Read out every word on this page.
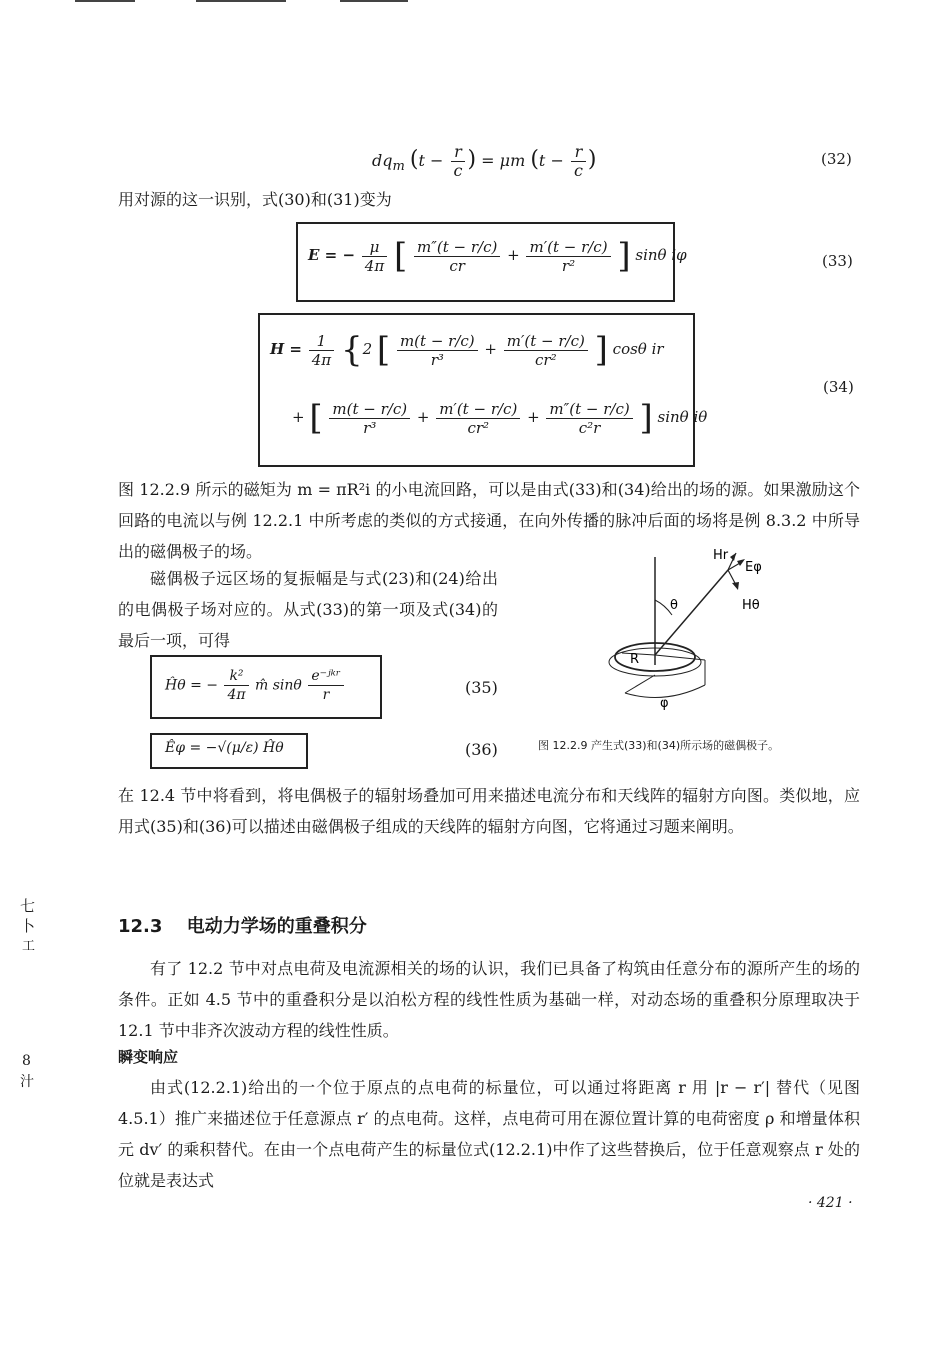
$dq_m$ ($t - \frac{r}{c}$ ) = μm ($t - \frac{r}{c}$ )	(32)
用对源的这一识别，式(30)和(31)变为
E = − $\frac{\mu}{4\pi}$ [ $\frac{m''(t - r/c)}{cr} + \frac{m'(t - r/c)}{\text{r²}}$ ] sinθ iφ	(33)
$H = \frac{1}{4\pi} \{2$ [ $\frac{m(t - r/c)}{\text{r³}} + \frac{m'(t - r/c)}{\text{cr²}}$ ] cosθ ir
+ [ $\frac{m(t - r/c)}{\text{r³}} + \frac{m'(t - r/c)}{\text{cr²}} + \frac{m''(t - r/c)}{\text{c²r}}$ ] sinθ iθ
(34)
图 12.2.9 所示的磁矩为 m = πR²i 的小电流回路，可以是由式(33)和(34)给出的场的源。如果激励这个回路的电流以与例 12.2.1 中所考虑的类似的方式接通，在向外传播的脉冲后面的场将是例 8.3.2 中所导出的磁偶极子的场。
磁偶极子远区场的复振幅是与式(23)和(24)给出的电偶极子场对应的。从式(33)的第一项及式(34)的最后一项，可得
Hr
Eφ
Hθ
θ
R
φ
图 12.2.9 产生式(33)和(34)所示场的磁偶极子。
Ĥθ = − $\frac{\text{k²}}{4\pi}$ m̂ sinθ $\frac{\text{e⁻ʲᵏʳ}}{r}$	(35)
Êφ = −√(μ/ε) Ĥθ	(36)
在 12.4 节中将看到，将电偶极子的辐射场叠加可用来描述电流分布和天线阵的辐射方向图。类似地，应用式(35)和(36)可以描述由磁偶极子组成的天线阵的辐射方向图，它将通过习题来阐明。
七
卜
工
8
汁
12.3 电动力学场的重叠积分
有了 12.2 节中对点电荷及电流源相关的场的认识，我们已具备了构筑由任意分布的源所产生的场的条件。正如 4.5 节中的重叠积分是以泊松方程的线性性质为基础一样，对动态场的重叠积分原理取决于 12.1 节中非齐次波动方程的线性性质。
瞬变响应
由式(12.2.1)给出的一个位于原点的点电荷的标量位，可以通过将距离 r 用 |r − r′| 替代（见图 4.5.1）推广来描述位于任意源点 r′ 的点电荷。这样，点电荷可用在源位置计算的电荷密度 ρ 和增量体积元 dv′ 的乘积替代。在由一个点电荷产生的标量位式(12.2.1)中作了这些替换后，位于任意观察点 r 处的位就是表达式
· 421 ·
